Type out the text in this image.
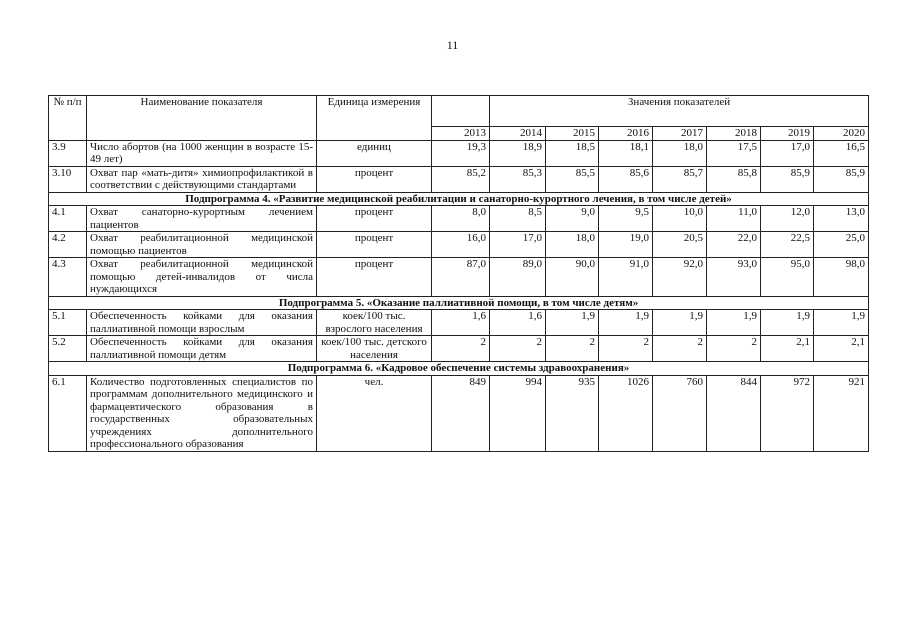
11
№ п/п	Наименование показателя	Единица измерения		Значения показателей						
			2013	2014	2015	2016	2017	2018	2019	2020
3.9	Число абортов (на 1000 женщин в возрасте 15-49 лет)	единиц	19,3	18,9	18,5	18,1	18,0	17,5	17,0	16,5
3.10	Охват пар «мать-дитя» химиопрофилактикой в соответствии с действующими стандартами	процент	85,2	85,3	85,5	85,6	85,7	85,8	85,9	85,9
Подпрограмма 4. «Развитие медицинской реабилитации и санаторно-курортного лечения, в том числе детей»										
4.1	Охват санаторно-курортным лечением пациентов	процент	8,0	8,5	9,0	9,5	10,0	11,0	12,0	13,0
4.2	Охват реабилитационной медицинской помощью пациентов	процент	16,0	17,0	18,0	19,0	20,5	22,0	22,5	25,0
4.3	Охват реабилитационной медицинской помощью детей-инвалидов от числа нуждающихся	процент	87,0	89,0	90,0	91,0	92,0	93,0	95,0	98,0
Подпрограмма 5. «Оказание паллиативной помощи, в том числе детям»										
5.1	Обеспеченность койками для оказания паллиативной помощи взрослым	коек/100 тыс. взрослого населения	1,6	1,6	1,9	1,9	1,9	1,9	1,9	1,9
5.2	Обеспеченность койками для оказания паллиативной помощи детям	коек/100 тыс. детского населения	2	2	2	2	2	2	2,1	2,1
Подпрограмма 6. «Кадровое обеспечение системы здравоохранения»										
6.1	Количество подготовленных специалистов по программам дополнительного медицинского и фармацевтического образования в государственных образовательных учреждениях дополнительного профессионального образования	чел.	849	994	935	1026	760	844	972	921
